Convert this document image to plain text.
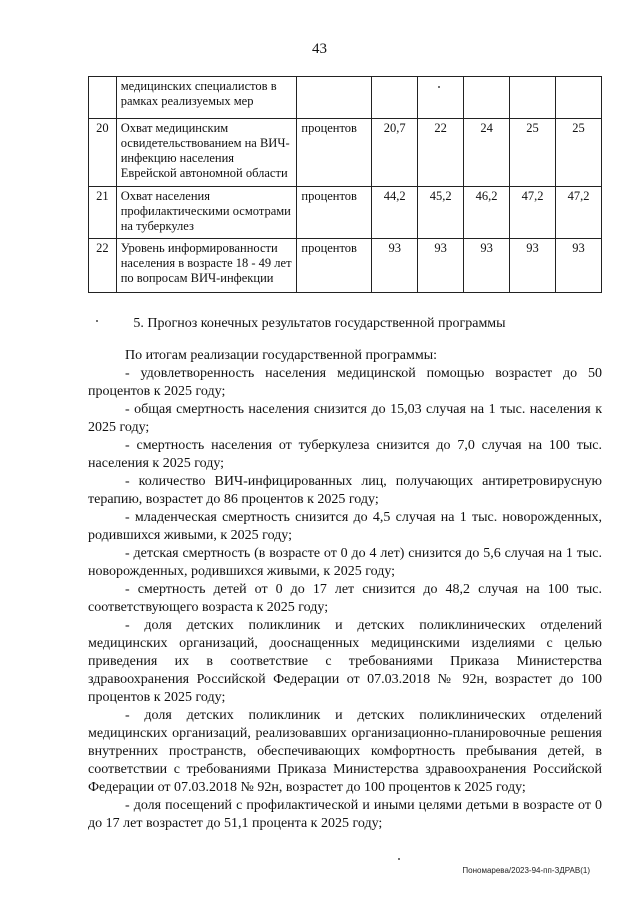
43
	медицинских специалистов в рамках реализуемых мер						
20	Охват медицинским освидетельствованием на ВИЧ-инфекцию населения Еврейской автономной области	процентов	20,7	22	24	25	25
21	Охват населения профилактическими осмотрами на туберкулез	процентов	44,2	45,2	46,2	47,2	47,2
22	Уровень информированности населения в возрасте 18 - 49 лет по вопросам ВИЧ-инфекции	процентов	93	93	93	93	93
5. Прогноз конечных результатов государственной программы

По итогам реализации государственной программы:

- удовлетворенность населения медицинской помощью возрастет до 50 процентов к 2025 году;

- общая смертность населения снизится до 15,03 случая на 1 тыс. населения к 2025 году;

- смертность населения от туберкулеза снизится до 7,0 случая на 100 тыс. населения к 2025 году;

- количество ВИЧ-инфицированных лиц, получающих антиретровирусную терапию, возрастет до 86 процентов к 2025 году;

- младенческая смертность снизится до 4,5 случая на 1 тыс. новорожденных, родившихся живыми, к 2025 году;

- детская смертность (в возрасте от 0 до 4 лет) снизится до 5,6 случая на 1 тыс. новорожденных, родившихся живыми, к 2025 году;

- смертность детей от 0 до 17 лет снизится до 48,2 случая на 100 тыс. соответствующего возраста к 2025 году;

- доля детских поликлиник и детских поликлинических отделений медицинских организаций, дооснащенных медицинскими изделиями с целью приведения их в соответствие с требованиями Приказа Министерства здравоохранения Российской Федерации от 07.03.2018 № 92н, возрастет до 100 процентов к 2025 году;

- доля детских поликлиник и детских поликлинических отделений медицинских организаций, реализовавших организационно-планировочные решения внутренних пространств, обеспечивающих комфортность пребывания детей, в соответствии с требованиями Приказа Министерства здравоохранения Российской Федерации от 07.03.2018 № 92н, возрастет до 100 процентов к 2025 году;

- доля посещений с профилактической и иными целями детьми в возрасте от 0 до 17 лет возрастет до 51,1 процента к 2025 году;

Пономарева/2023-94-пп-ЗДРАВ(1)
